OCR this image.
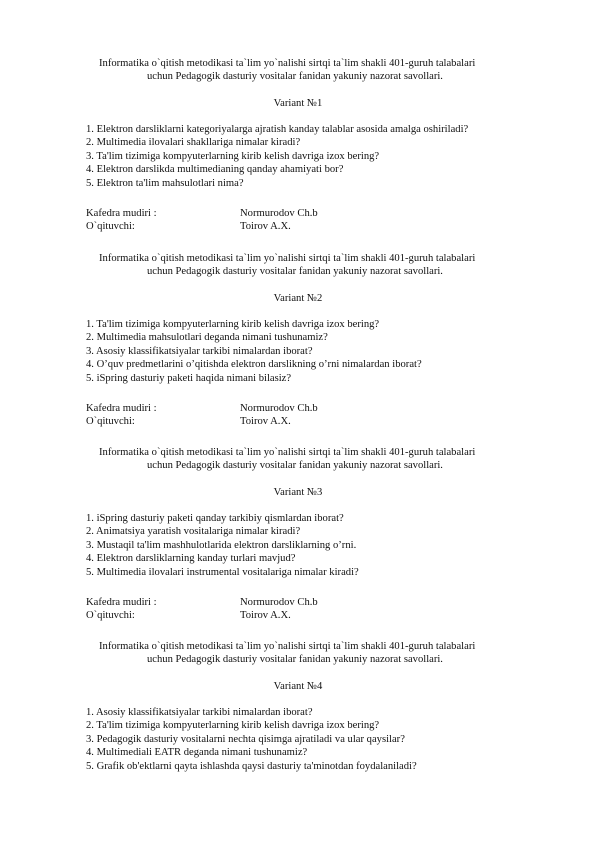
Informatika o`qitish metodikasi ta`lim yo`nalishi sirtqi ta`lim shakli 401-guruh talabalari
uchun Pedagogik dasturiy vositalar fanidan yakuniy nazorat savollari.
Variant №1
1. Elektron darsliklarni kategoriyalarga ajratish kanday talablar asosida amalga oshiriladi?
2. Multimedia ilovalari shakllariga nimalar kiradi?
3. Ta'lim tizimiga kompyuterlarning kirib kelish davriga izox bering?
4. Elektron darslikda multimedianing qanday ahamiyati bor?
5. Elektron ta'lim mahsulotlari nima?
Kafedra mudiri :	Normurodov Ch.b
O`qituvchi:	Toirov A.X.
Informatika o`qitish metodikasi ta`lim yo`nalishi sirtqi ta`lim shakli 401-guruh talabalari
uchun Pedagogik dasturiy vositalar fanidan yakuniy nazorat savollari.
Variant №2
1. Ta'lim tizimiga kompyuterlarning kirib kelish davriga izox bering?
2. Multimedia mahsulotlari deganda nimani tushunamiz?
3. Asosiy klassifikatsiyalar tarkibi nimalardan iborat?
4. O’quv predmetlarini o’qitishda elektron darslikning o’rni nimalardan iborat?
5. iSpring dasturiy paketi haqida nimani bilasiz?
Kafedra mudiri :	Normurodov Ch.b
O`qituvchi:	Toirov A.X.
Informatika o`qitish metodikasi ta`lim yo`nalishi sirtqi ta`lim shakli 401-guruh talabalari
uchun Pedagogik dasturiy vositalar fanidan yakuniy nazorat savollari.
Variant №3
1. iSpring dasturiy paketi qanday tarkibiy qismlardan iborat?
2. Animatsiya yaratish vositalariga nimalar kiradi?
3. Mustaqil ta'lim mashhulotlarida elektron darsliklarning o’rni.
4. Elektron darsliklarning kanday turlari mavjud?
5. Multimedia ilovalari instrumental vositalariga nimalar kiradi?
Kafedra mudiri :	Normurodov Ch.b
O`qituvchi:	Toirov A.X.
Informatika o`qitish metodikasi ta`lim yo`nalishi sirtqi ta`lim shakli 401-guruh talabalari
uchun Pedagogik dasturiy vositalar fanidan yakuniy nazorat savollari.
Variant №4
1. Asosiy klassifikatsiyalar tarkibi nimalardan iborat?
2. Ta'lim tizimiga kompyuterlarning kirib kelish davriga izox bering?
3. Pedagogik dasturiy vositalarni nechta qisimga ajratiladi va ular qaysilar?
4. Multimediali EATR deganda nimani tushunamiz?
5. Grafik ob'ektlarni qayta ishlashda qaysi dasturiy ta'minotdan foydalaniladi?
